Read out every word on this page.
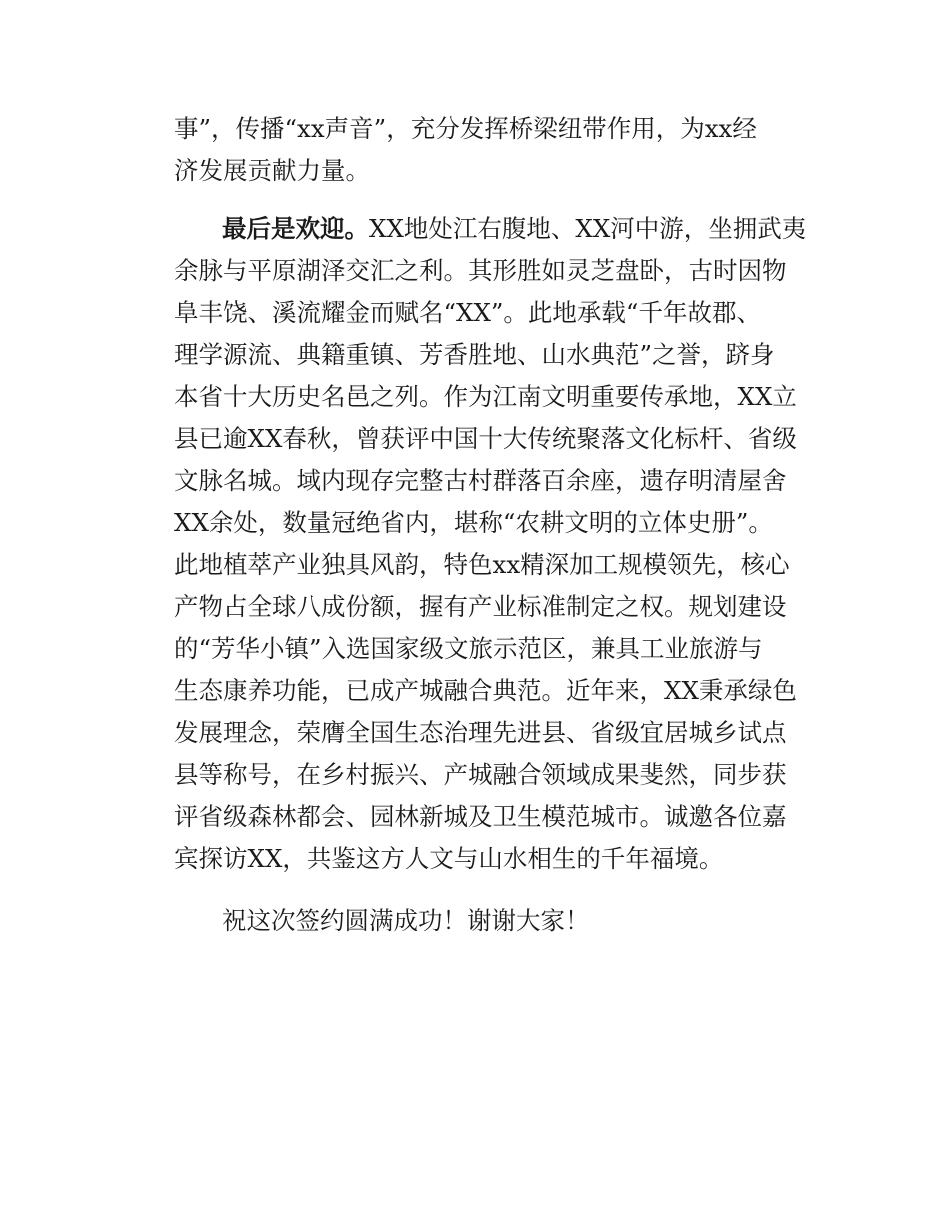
事”，传播“xx声音”，充分发挥桥梁纽带作用，为xx经
济发展贡献力量。
最后是欢迎。XX地处江右腹地、XX河中游，坐拥武夷
余脉与平原湖泽交汇之利。其形胜如灵芝盘卧，古时因物
阜丰饶、溪流耀金而赋名“XX”。此地承载“千年故郡、
理学源流、典籍重镇、芳香胜地、山水典范”之誉，跻身
本省十大历史名邑之列。作为江南文明重要传承地，XX立
县已逾XX春秋，曾获评中国十大传统聚落文化标杆、省级
文脉名城。域内现存完整古村群落百余座，遗存明清屋舍
XX余处，数量冠绝省内，堪称“农耕文明的立体史册”。
此地植萃产业独具风韵，特色xx精深加工规模领先，核心
产物占全球八成份额，握有产业标准制定之权。规划建设
的“芳华小镇”入选国家级文旅示范区，兼具工业旅游与
生态康养功能，已成产城融合典范。近年来，XX秉承绿色
发展理念，荣膺全国生态治理先进县、省级宜居城乡试点
县等称号，在乡村振兴、产城融合领域成果斐然，同步获
评省级森林都会、园林新城及卫生模范城市。诚邀各位嘉
宾探访XX，共鉴这方人文与山水相生的千年福境。
祝这次签约圆满成功！谢谢大家！
